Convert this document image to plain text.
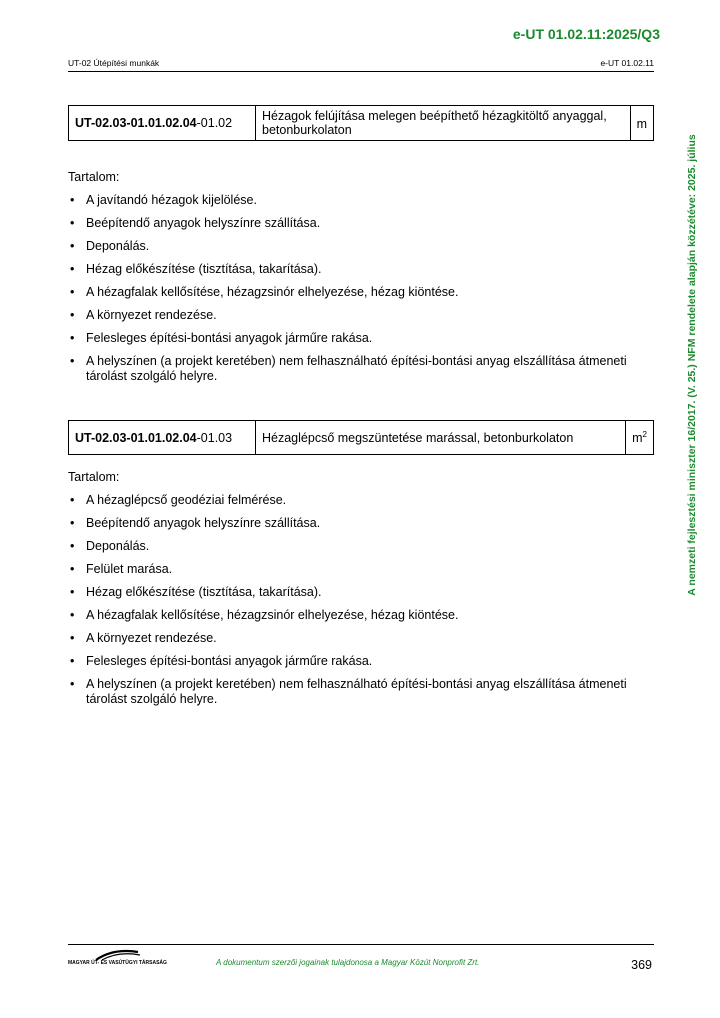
e-UT 01.02.11:2025/Q3
UT-02 Útépítési munkák	e-UT 01.02.11
A nemzeti fejlesztési miniszter 16/2017. (V. 25.) NFM rendelete alapján közzétéve: 2025. július
UT-02.03-01.01.02.04-01.02	Hézagok felújítása melegen beépíthető hézagkitöltő anyaggal, betonburkolaton	m
Tartalom:
• A javítandó hézagok kijelölése.
• Beépítendő anyagok helyszínre szállítása.
• Deponálás.
• Hézag előkészítése (tisztítása, takarítása).
• A hézagfalak kellősítése, hézagzsinór elhelyezése, hézag kiöntése.
• A környezet rendezése.
• Felesleges építési-bontási anyagok járműre rakása.
• A helyszínen (a projekt keretében) nem felhasználható építési-bontási anyag elszállítása átmeneti tárolást szolgáló helyre.
UT-02.03-01.01.02.04-01.03	Hézaglépcső megszüntetése marással, betonburkolaton	$m^2$
Tartalom:
• A hézaglépcső geodéziai felmérése.
• Beépítendő anyagok helyszínre szállítása.
• Deponálás.
• Felület marása.
• Hézag előkészítése (tisztítása, takarítása).
• A hézagfalak kellősítése, hézagzsinór elhelyezése, hézag kiöntése.
• A környezet rendezése.
• Felesleges építési-bontási anyagok járműre rakása.
• A helyszínen (a projekt keretében) nem felhasználható építési-bontási anyag elszállítása átmeneti tárolást szolgáló helyre.
MAGYAR ÚT- ÉS VASÚTÜGYI TÁRSASÁG	A dokumentum szerzői jogainak tulajdonosa a Magyar Közút Nonprofit Zrt.	369
